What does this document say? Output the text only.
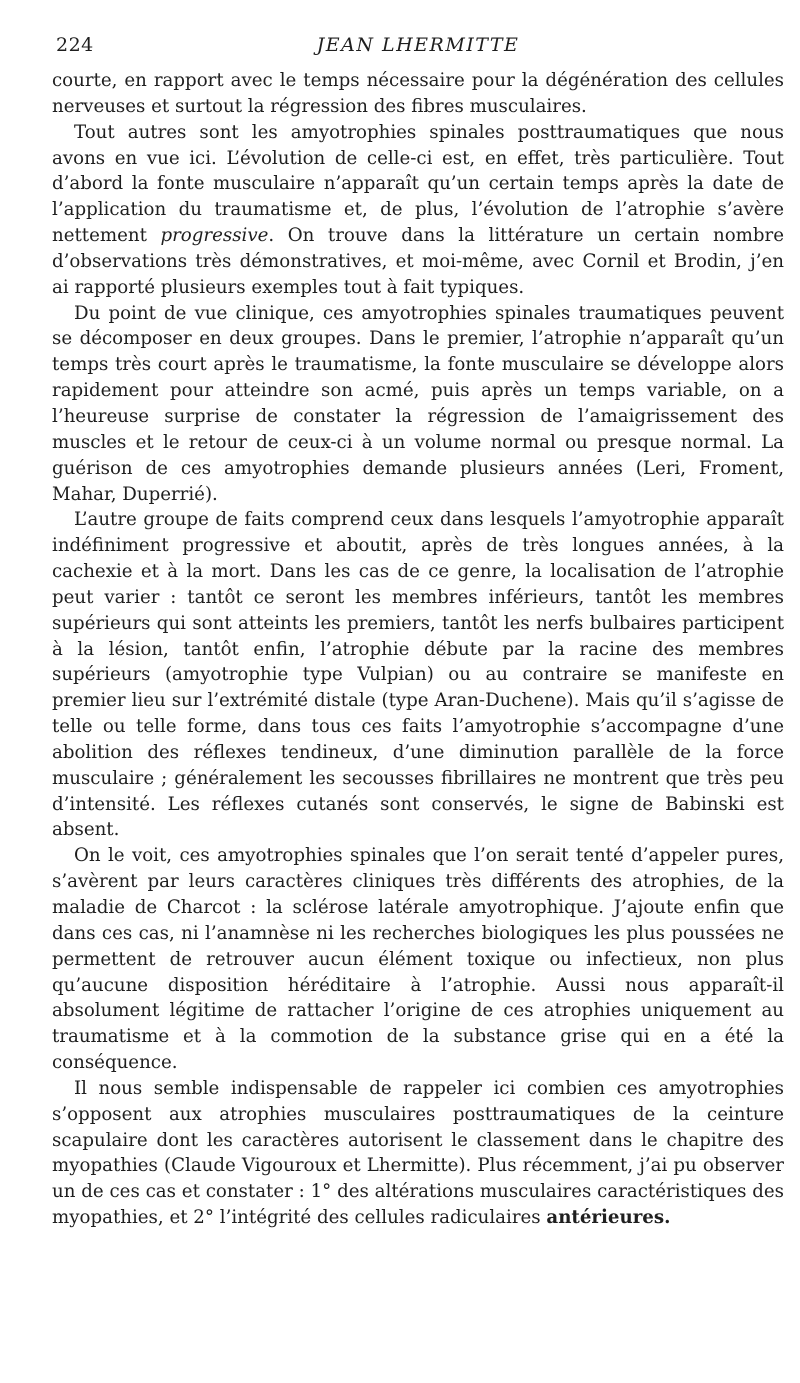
224	JEAN LHERMITTE

courte, en rapport avec le temps nécessaire pour la dégénération des cellules nerveuses et surtout la régression des fibres musculaires.

Tout autres sont les amyotrophies spinales posttraumatiques que nous avons en vue ici. L’évolution de celle-ci est, en effet, très particulière. Tout d’abord la fonte musculaire n’apparaît qu’un certain temps après la date de l’application du traumatisme et, de plus, l’évolution de l’atrophie s’avère nettement progressive. On trouve dans la littérature un certain nombre d’observations très démonstratives, et moi-même, avec Cornil et Brodin, j’en ai rapporté plusieurs exemples tout à fait typiques.

Du point de vue clinique, ces amyotrophies spinales traumatiques peuvent se décomposer en deux groupes. Dans le premier, l’atrophie n’apparaît qu’un temps très court après le traumatisme, la fonte musculaire se développe alors rapidement pour atteindre son acmé, puis après un temps variable, on a l’heureuse surprise de constater la régression de l’amaigrissement des muscles et le retour de ceux-ci à un volume normal ou presque normal. La guérison de ces amyotrophies demande plusieurs années (Leri, Froment, Mahar, Duperrié).

L’autre groupe de faits comprend ceux dans lesquels l’amyotrophie apparaît indéfiniment progressive et aboutit, après de très longues années, à la cachexie et à la mort. Dans les cas de ce genre, la localisation de l’atrophie peut varier : tantôt ce seront les membres inférieurs, tantôt les membres supérieurs qui sont atteints les premiers, tantôt les nerfs bulbaires participent à la lésion, tantôt enfin, l’atrophie débute par la racine des membres supérieurs (amyotrophie type Vulpian) ou au contraire se manifeste en premier lieu sur l’extrémité distale (type Aran-Duchene). Mais qu’il s’agisse de telle ou telle forme, dans tous ces faits l’amyotrophie s’accompagne d’une abolition des réflexes tendineux, d’une diminution parallèle de la force musculaire ; généralement les secousses fibrillaires ne montrent que très peu d’intensité. Les réflexes cutanés sont conservés, le signe de Babinski est absent.

On le voit, ces amyotrophies spinales que l’on serait tenté d’appeler pures, s’avèrent par leurs caractères cliniques très différents des atrophies, de la maladie de Charcot : la sclérose latérale amyotrophique. J’ajoute enfin que dans ces cas, ni l’anamnèse ni les recherches biologiques les plus poussées ne permettent de retrouver aucun élément toxique ou infectieux, non plus qu’aucune disposition héréditaire à l’atrophie. Aussi nous apparaît-il absolument légitime de rattacher l’origine de ces atrophies uniquement au traumatisme et à la commotion de la substance grise qui en a été la conséquence.

Il nous semble indispensable de rappeler ici combien ces amyotrophies s’opposent aux atrophies musculaires posttraumatiques de la ceinture scapulaire dont les caractères autorisent le classement dans le chapitre des myopathies (Claude Vigouroux et Lhermitte). Plus récemment, j’ai pu observer un de ces cas et constater : 1° des altérations musculaires caractéristiques des myopathies, et 2° l’intégrité des cellules radiculaires antérieures.
